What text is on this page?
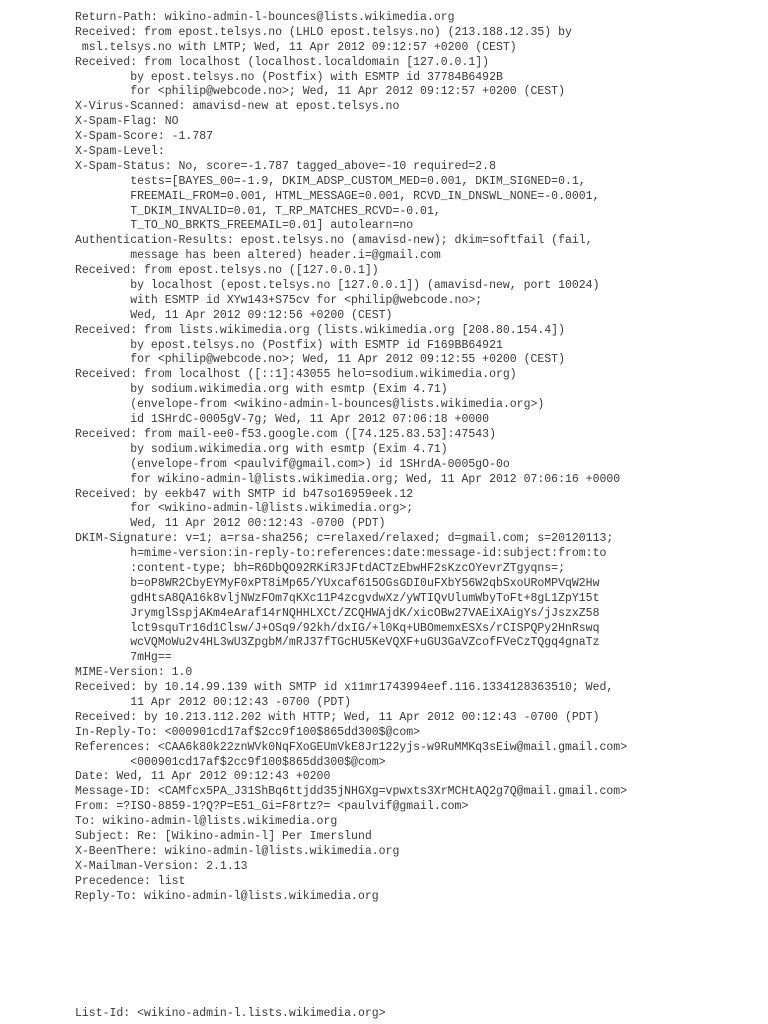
Return-Path: wikino-admin-l-bounces@lists.wikimedia.org
Received: from epost.telsys.no (LHLO epost.telsys.no) (213.188.12.35) by
msl.telsys.no with LMTP; Wed, 11 Apr 2012 09:12:57 +0200 (CEST)
Received: from localhost (localhost.localdomain [127.0.0.1])
by epost.telsys.no (Postfix) with ESMTP id 37784B6492B
for <philip@webcode.no>; Wed, 11 Apr 2012 09:12:57 +0200 (CEST)
X-Virus-Scanned: amavisd-new at epost.telsys.no
X-Spam-Flag: NO
X-Spam-Score: -1.787
X-Spam-Level:
X-Spam-Status: No, score=-1.787 tagged_above=-10 required=2.8
tests=[BAYES_00=-1.9, DKIM_ADSP_CUSTOM_MED=0.001, DKIM_SIGNED=0.1,
FREEMAIL_FROM=0.001, HTML_MESSAGE=0.001, RCVD_IN_DNSWL_NONE=-0.0001,
T_DKIM_INVALID=0.01, T_RP_MATCHES_RCVD=-0.01,
T_TO_NO_BRKTS_FREEMAIL=0.01] autolearn=no
Authentication-Results: epost.telsys.no (amavisd-new); dkim=softfail (fail,
message has been altered) header.i=@gmail.com
Received: from epost.telsys.no ([127.0.0.1])
by localhost (epost.telsys.no [127.0.0.1]) (amavisd-new, port 10024)
with ESMTP id XYw143+S75cv for <philip@webcode.no>;
Wed, 11 Apr 2012 09:12:56 +0200 (CEST)
Received: from lists.wikimedia.org (lists.wikimedia.org [208.80.154.4])
by epost.telsys.no (Postfix) with ESMTP id F169BB64921
for <philip@webcode.no>; Wed, 11 Apr 2012 09:12:55 +0200 (CEST)
Received: from localhost ([::1]:43055 helo=sodium.wikimedia.org)
by sodium.wikimedia.org with esmtp (Exim 4.71)
(envelope-from <wikino-admin-l-bounces@lists.wikimedia.org>)
id 1SHrdC-0005gV-7g; Wed, 11 Apr 2012 07:06:18 +0000
Received: from mail-ee0-f53.google.com ([74.125.83.53]:47543)
by sodium.wikimedia.org with esmtp (Exim 4.71)
(envelope-from <paulvif@gmail.com>) id 1SHrdA-0005gO-0o
for wikino-admin-l@lists.wikimedia.org; Wed, 11 Apr 2012 07:06:16 +0000
Received: by eekb47 with SMTP id b47so16959eek.12
for <wikino-admin-l@lists.wikimedia.org>;
Wed, 11 Apr 2012 00:12:43 -0700 (PDT)
DKIM-Signature: v=1; a=rsa-sha256; c=relaxed/relaxed; d=gmail.com; s=20120113;
h=mime-version:in-reply-to:references:date:message-id:subject:from:to
:content-type; bh=R6DbQO92RKiR3JFtdACTzEbwHF2sKzcOYevrZTgyqns=;
b=oP8WR2CbyEYMyF0xPT8iMp65/YUxcaf615OGsGDI0uFXbY56W2qbSxoURoMPVqW2Hw
gdHtsA8QA16k8vljNWzFOm7qKXc11P4zcgvdwXz/yWTIQvUlumWbyToFt+8gL1ZpY15t
JrymglSspjAKm4eAraf14rNQHHLXCt/ZCQHWAjdK/xicOBw27VAEiXAigYs/jJszxZ58
lct9squTr16d1Clsw/J+OSq9/92kh/dxIG/+l0Kq+UBOmemxESXs/rCISPQPy2HnRswq
wcVQMoWu2v4HL3wU3ZpgbM/mRJ37fTGcHU5KeVQXF+uGU3GaVZcofFVeCzTQgq4gnaTz
7mHg==
MIME-Version: 1.0
Received: by 10.14.99.139 with SMTP id x11mr1743994eef.116.1334128363510; Wed,
11 Apr 2012 00:12:43 -0700 (PDT)
Received: by 10.213.112.202 with HTTP; Wed, 11 Apr 2012 00:12:43 -0700 (PDT)
In-Reply-To: <000901cd17af$2cc9f100$865dd300$@com>
References: <CAA6k80k22znWVk0NqFXoGEUmVkE8Jr122yjs-w9RuMMKq3sEiw@mail.gmail.com>
<000901cd17af$2cc9f100$865dd300$@com>
Date: Wed, 11 Apr 2012 09:12:43 +0200
Message-ID: <CAMfcx5PA_J31ShBq6ttjdd35jNHGXg=vpwxts3XrMCHtAQ2g7Q@mail.gmail.com>
From: =?ISO-8859-1?Q?P=E51_Gi=F8rtz?= <paulvif@gmail.com>
To: wikino-admin-l@lists.wikimedia.org
Subject: Re: [Wikino-admin-l] Per Imerslund
X-BeenThere: wikino-admin-l@lists.wikimedia.org
X-Mailman-Version: 2.1.13
Precedence: list
Reply-To: wikino-admin-l@lists.wikimedia.org
List-Id: <wikino-admin-l.lists.wikimedia.org>
